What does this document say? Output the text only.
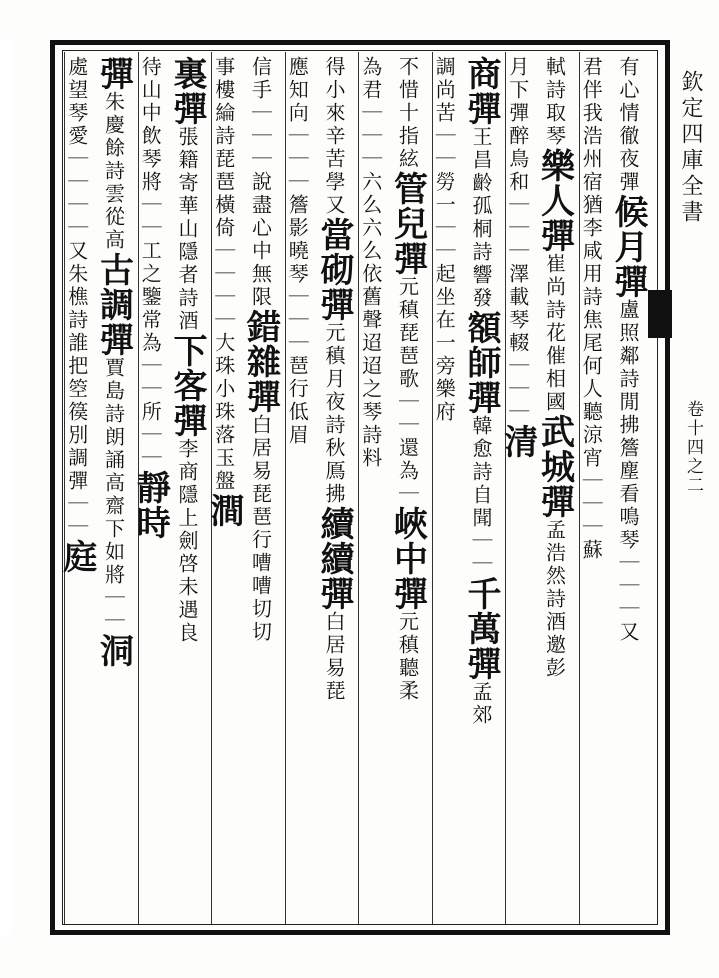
有心情徹夜彈候月彈盧照鄰詩閒拂簷塵看鳴琴｜｜｜又
君伴我浩州宿猶李咸用詩焦尾何人聽涼宵｜｜｜蘇
軾詩取琴樂人彈崔尚詩花催相國武城彈孟浩然詩酒邀彭
月下彈醉鳥和｜｜｜澤載琴輟｜｜｜清
商彈王昌齡孤桐詩響發額師彈韓愈詩自聞｜｜千萬彈孟郊
調尚苦｜｜勞一｜｜起坐在一旁樂府
不惜十指絃管兒彈元稹琵琶歌｜｜還為｜峽中彈元稹聽柔
為君｜｜｜六么六么依舊聲迢迢之琴詩料
得小來辛苦學又當砌彈元稹月夜詩秋鳫拂續續彈白居易琵
應知向｜｜｜簷影曉琴｜｜｜琶行低眉
信手｜｜｜說盡心中無限錯雜彈白居易琵琶行嘈嘈切切
事樓綸詩琵琶橫倚｜｜｜｜大珠小珠落玉盤澗
裏彈張籍寄華山隱者詩酒下客彈李商隱上劍啓未遇良
待山中飲琴將｜｜工之鑒常為｜｜所｜｜靜時
彈朱慶餘詩雲從高古調彈賈島詩朗誦高齋下如將｜｜洞
處望琴愛｜｜｜｜又朱樵詩誰把箜篌別調彈｜｜庭
欽定四庫全書
卷十四之二
